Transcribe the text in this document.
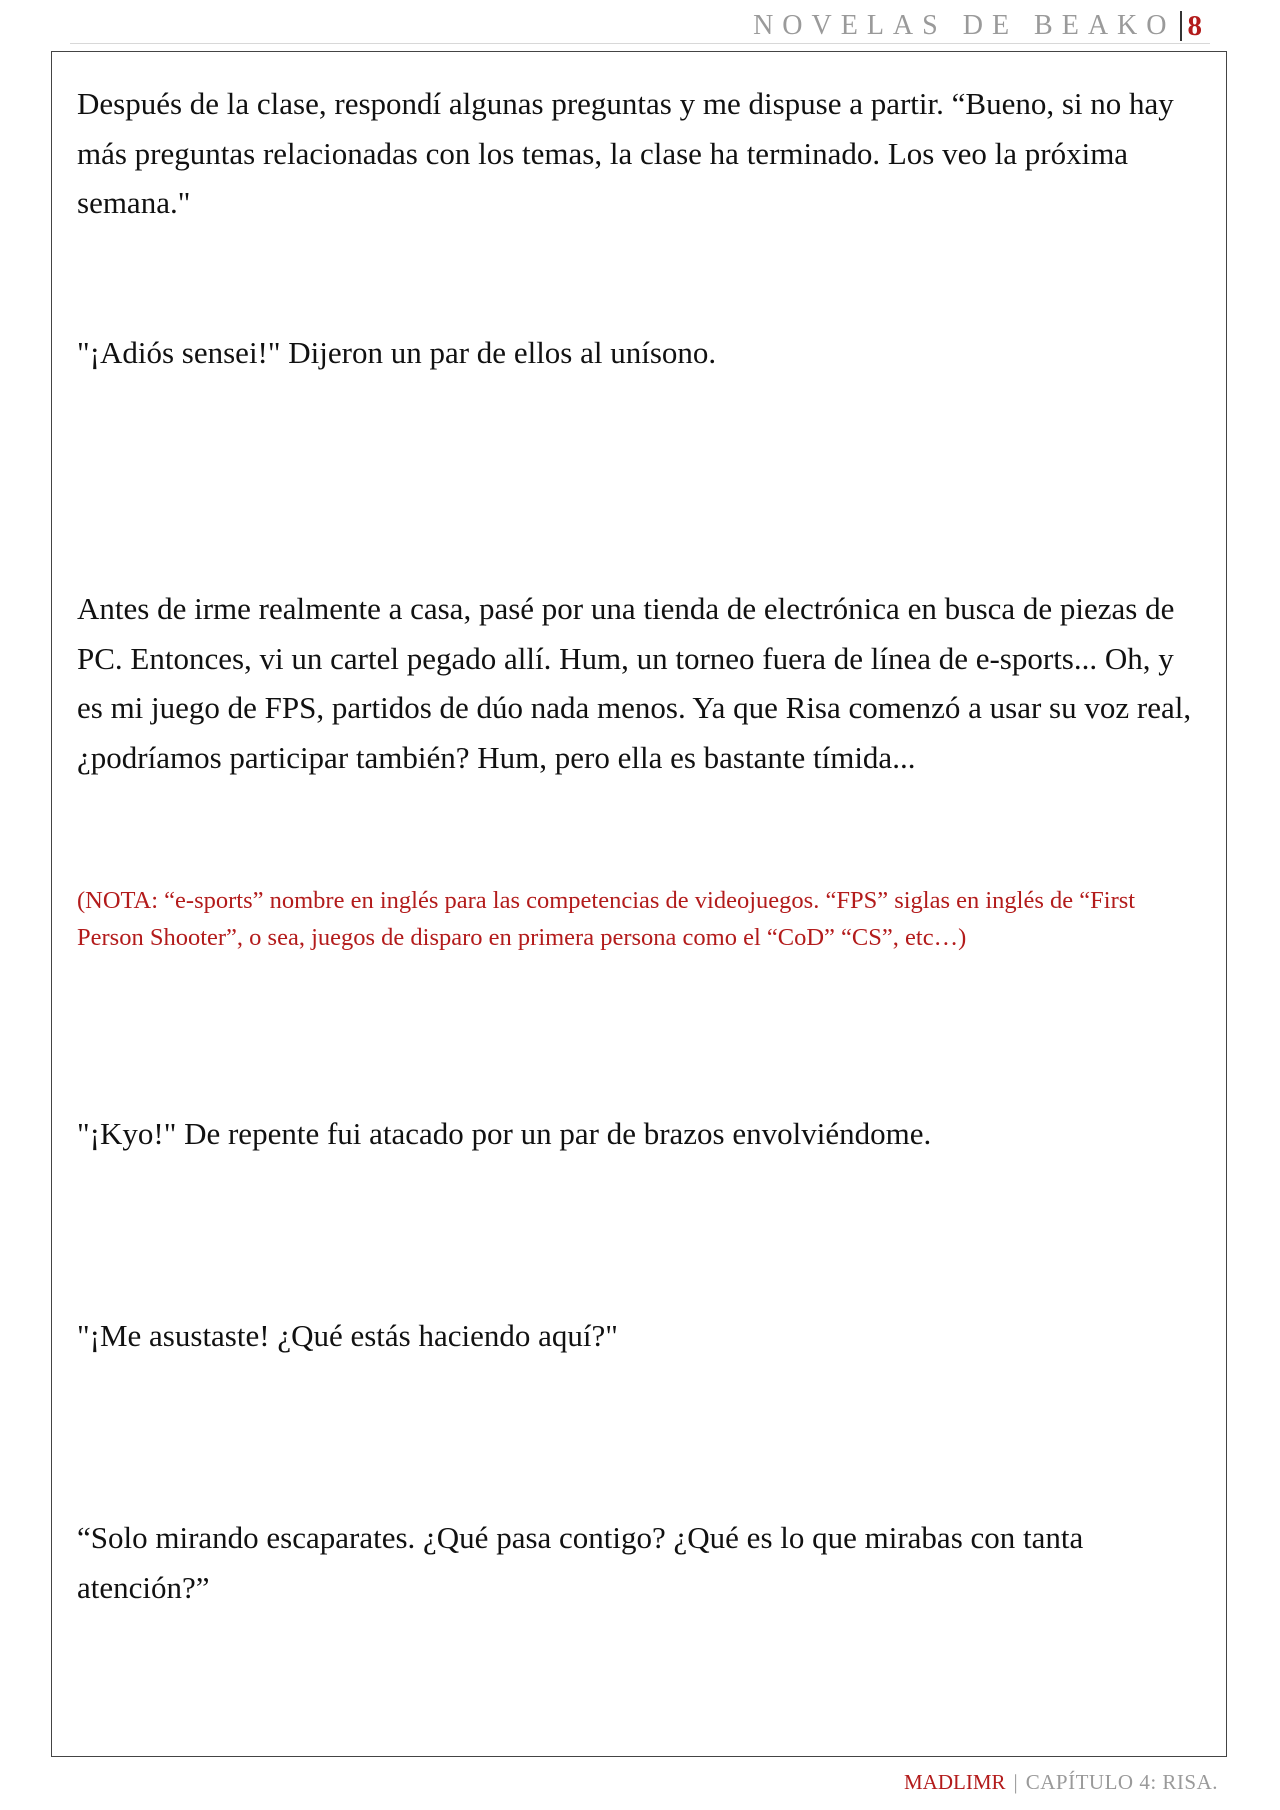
NOVELAS DE BEAKO 8

Después de la clase, respondí algunas preguntas y me dispuse a partir. “Bueno, si no hay más preguntas relacionadas con los temas, la clase ha terminado. Los veo la próxima semana."

"¡Adiós sensei!" Dijeron un par de ellos al unísono.

Antes de irme realmente a casa, pasé por una tienda de electrónica en busca de piezas de PC. Entonces, vi un cartel pegado allí. Hum, un torneo fuera de línea de e-sports... Oh, y es mi juego de FPS, partidos de dúo nada menos. Ya que Risa comenzó a usar su voz real, ¿podríamos participar también? Hum, pero ella es bastante tímida...

(NOTA: “e-sports” nombre en inglés para las competencias de videojuegos. “FPS” siglas en inglés de “First Person Shooter”, o sea, juegos de disparo en primera persona como el “CoD” “CS”, etc…)

"¡Kyo!" De repente fui atacado por un par de brazos envolviéndome.

"¡Me asustaste! ¿Qué estás haciendo aquí?"

“Solo mirando escaparates. ¿Qué pasa contigo? ¿Qué es lo que mirabas con tanta atención?”

MADLIMR | CAPÍTULO 4: RISA.
